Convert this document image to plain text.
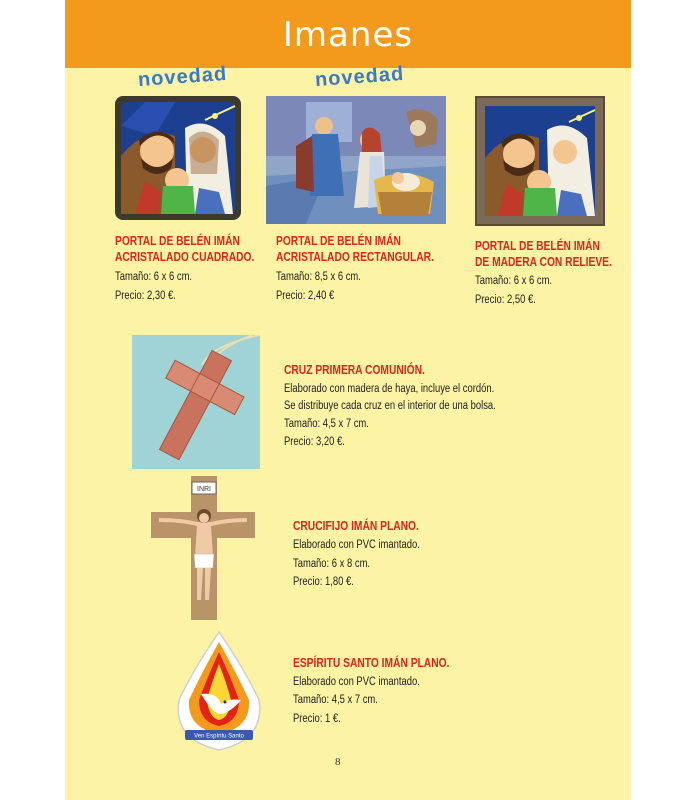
Imanes
novedad
PORTAL DE BELÉN IMÁN
ACRISTALADO CUADRADO.
Tamaño: 6 x 6 cm.
Precio: 2,30 €.
novedad
PORTAL DE BELÉN IMÁN
ACRISTALADO RECTANGULAR.
Tamaño: 8,5 x 6 cm.
Precio: 2,40 €
PORTAL DE BELÉN IMÁN
DE MADERA CON RELIEVE.
Tamaño: 6 x 6 cm.
Precio: 2,50 €.
CRUZ PRIMERA COMUNIÓN.
Elaborado con madera de haya, incluye el cordón.
Se distribuye cada cruz en el interior de una bolsa.
Tamaño: 4,5 x 7 cm.
Precio: 3,20 €.
INRI
CRUCIFIJO IMÁN PLANO.
Elaborado con PVC imantado.
Tamaño: 6 x 8 cm.
Precio: 1,80 €.
Ven Espíritu Santo
ESPÍRITU SANTO IMÁN PLANO.
Elaborado con PVC imantado.
Tamaño: 4,5 x 7 cm.
Precio: 1 €.
8
